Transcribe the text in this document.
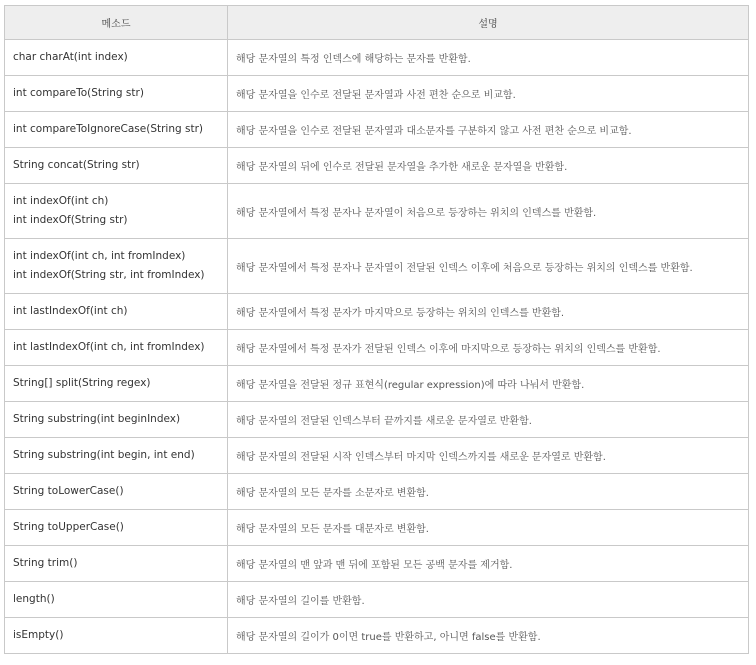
메소드	설명

char charAt(int index)	해당 문자열의 특정 인덱스에 해당하는 문자를 반환함.

int compareTo(String str)	해당 문자열을 인수로 전달된 문자열과 사전 편찬 순으로 비교함.

int compareToIgnoreCase(String str)	해당 문자열을 인수로 전달된 문자열과 대소문자를 구분하지 않고 사전 편찬 순으로 비교함.

String concat(String str)	해당 문자열의 뒤에 인수로 전달된 문자열을 추가한 새로운 문자열을 반환함.

int indexOf(int ch)
int indexOf(String str)	해당 문자열에서 특정 문자나 문자열이 처음으로 등장하는 위치의 인덱스를 반환함.

int indexOf(int ch, int fromIndex)
int indexOf(String str, int fromIndex)	해당 문자열에서 특정 문자나 문자열이 전달된 인덱스 이후에 처음으로 등장하는 위치의 인덱스를 반환함.

int lastIndexOf(int ch)	해당 문자열에서 특정 문자가 마지막으로 등장하는 위치의 인덱스를 반환함.

int lastIndexOf(int ch, int fromIndex)	해당 문자열에서 특정 문자가 전달된 인덱스 이후에 마지막으로 등장하는 위치의 인덱스를 반환함.

String[] split(String regex)	해당 문자열을 전달된 정규 표현식(regular expression)에 따라 나눠서 반환함.

String substring(int beginIndex)	해당 문자열의 전달된 인덱스부터 끝까지를 새로운 문자열로 반환함.

String substring(int begin, int end)	해당 문자열의 전달된 시작 인덱스부터 마지막 인덱스까지를 새로운 문자열로 반환함.

String toLowerCase()	해당 문자열의 모든 문자를 소문자로 변환함.

String toUpperCase()	해당 문자열의 모든 문자를 대문자로 변환함.

String trim()	해당 문자열의 맨 앞과 맨 뒤에 포함된 모든 공백 문자를 제거함.

length()	해당 문자열의 길이를 반환함.

isEmpty()	해당 문자열의 길이가 0이면 true를 반환하고, 아니면 false를 반환함.
